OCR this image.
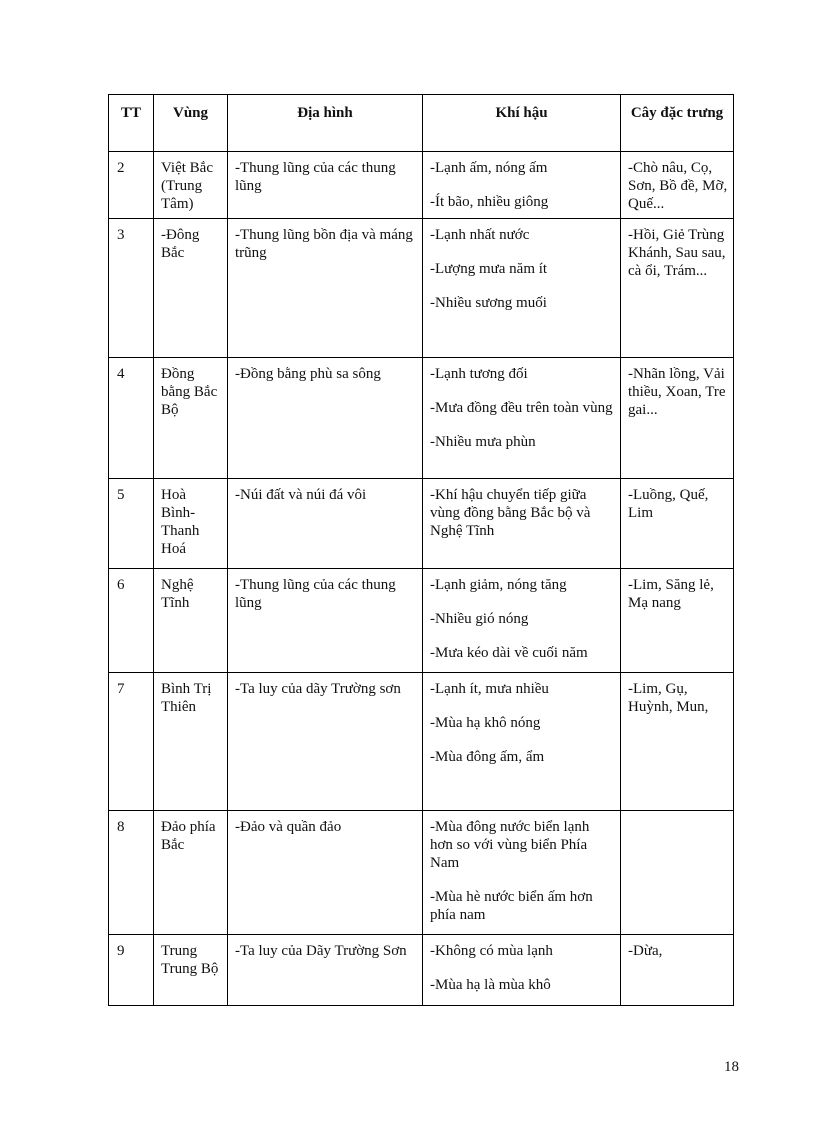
TT	Vùng	Địa hình	Khí hậu	Cây đặc trưng
2	Việt Bắc (Trung Tâm)	-Thung lũng của các thung lũng	-Lạnh ấm, nóng ấm
-Ít bão, nhiều giông	-Chò nâu, Cọ, Sơn, Bồ đề, Mỡ, Quế...
3	-Đông Bắc	-Thung lũng bồn địa và máng trũng	-Lạnh nhất nước
-Lượng mưa năm ít
-Nhiều sương muối	-Hồi, Giẻ Trùng Khánh, Sau sau, cà ổi, Trám...
4	Đồng bằng Bắc Bộ	-Đồng bằng phù sa sông	-Lạnh tương đối
-Mưa đồng đều trên toàn vùng
-Nhiều mưa phùn	-Nhãn lồng, Vải thiều, Xoan, Tre gai...
5	Hoà Bình-Thanh Hoá	-Núi đất và núi đá vôi	-Khí hậu chuyển tiếp giữa vùng đồng bằng Bắc bộ và Nghệ Tĩnh	-Luồng, Quế, Lim
6	Nghệ Tĩnh	-Thung lũng của các thung lũng	-Lạnh giảm, nóng tăng
-Nhiều gió nóng
-Mưa kéo dài về cuối năm	-Lim, Săng lẻ, Mạ nang
7	Bình Trị Thiên	-Ta luy của dãy Trường sơn	-Lạnh ít, mưa nhiều
-Mùa hạ khô nóng
-Mùa đông ấm, ẩm	-Lim, Gụ, Huỳnh, Mun,
8	Đảo phía Bắc	-Đảo và quần đảo	-Mùa đông nước biển lạnh hơn so với vùng biển Phía Nam
-Mùa hè nước biển ấm hơn phía nam	

9	Trung Trung Bộ	-Ta luy của Dãy Trường Sơn	-Không có mùa lạnh
-Mùa hạ là mùa khô	-Dừa,
18
